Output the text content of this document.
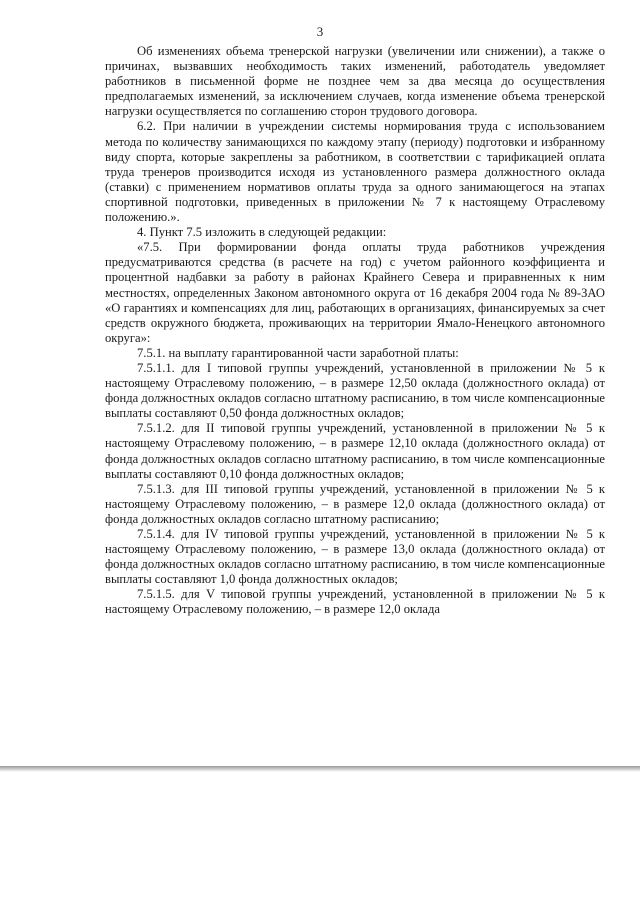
3

Об изменениях объема тренерской нагрузки (увеличении или снижении), а также о причинах, вызвавших необходимость таких изменений, работодатель уведомляет работников в письменной форме не позднее чем за два месяца до осуществления предполагаемых изменений, за исключением случаев, когда изменение объема тренерской нагрузки осуществляется по соглашению сторон трудового договора.

6.2. При наличии в учреждении системы нормирования труда с использованием метода по количеству занимающихся по каждому этапу (периоду) подготовки и избранному виду спорта, которые закреплены за работником, в соответствии с тарификацией оплата труда тренеров производится исходя из установленного размера должностного оклада (ставки) с применением нормативов оплаты труда за одного занимающегося на этапах спортивной подготовки, приведенных в приложении № 7 к настоящему Отраслевому положению.».

4. Пункт 7.5 изложить в следующей редакции:

«7.5. При формировании фонда оплаты труда работников учреждения предусматриваются средства (в расчете на год) с учетом районного коэффициента и процентной надбавки за работу в районах Крайнего Севера и приравненных к ним местностях, определенных Законом автономного округа от 16 декабря 2004 года № 89-ЗАО «О гарантиях и компенсациях для лиц, работающих в организациях, финансируемых за счет средств окружного бюджета, проживающих на территории Ямало-Ненецкого автономного округа»:

7.5.1. на выплату гарантированной части заработной платы:

7.5.1.1. для I типовой группы учреждений, установленной в приложении № 5 к настоящему Отраслевому положению, – в размере 12,50 оклада (должностного оклада) от фонда должностных окладов согласно штатному расписанию, в том числе компенсационные выплаты составляют 0,50 фонда должностных окладов;

7.5.1.2. для II типовой группы учреждений, установленной в приложении № 5 к настоящему Отраслевому положению, – в размере 12,10 оклада (должностного оклада) от фонда должностных окладов согласно штатному расписанию, в том числе компенсационные выплаты составляют 0,10 фонда должностных окладов;

7.5.1.3. для III типовой группы учреждений, установленной в приложении № 5 к настоящему Отраслевому положению, – в размере 12,0 оклада (должностного оклада) от фонда должностных окладов согласно штатному расписанию;

7.5.1.4. для IV типовой группы учреждений, установленной в приложении № 5 к настоящему Отраслевому положению, – в размере 13,0 оклада (должностного оклада) от фонда должностных окладов согласно штатному расписанию, в том числе компенсационные выплаты составляют 1,0 фонда должностных окладов;

7.5.1.5. для V типовой группы учреждений, установленной в приложении № 5 к настоящему Отраслевому положению, – в размере 12,0 оклада
